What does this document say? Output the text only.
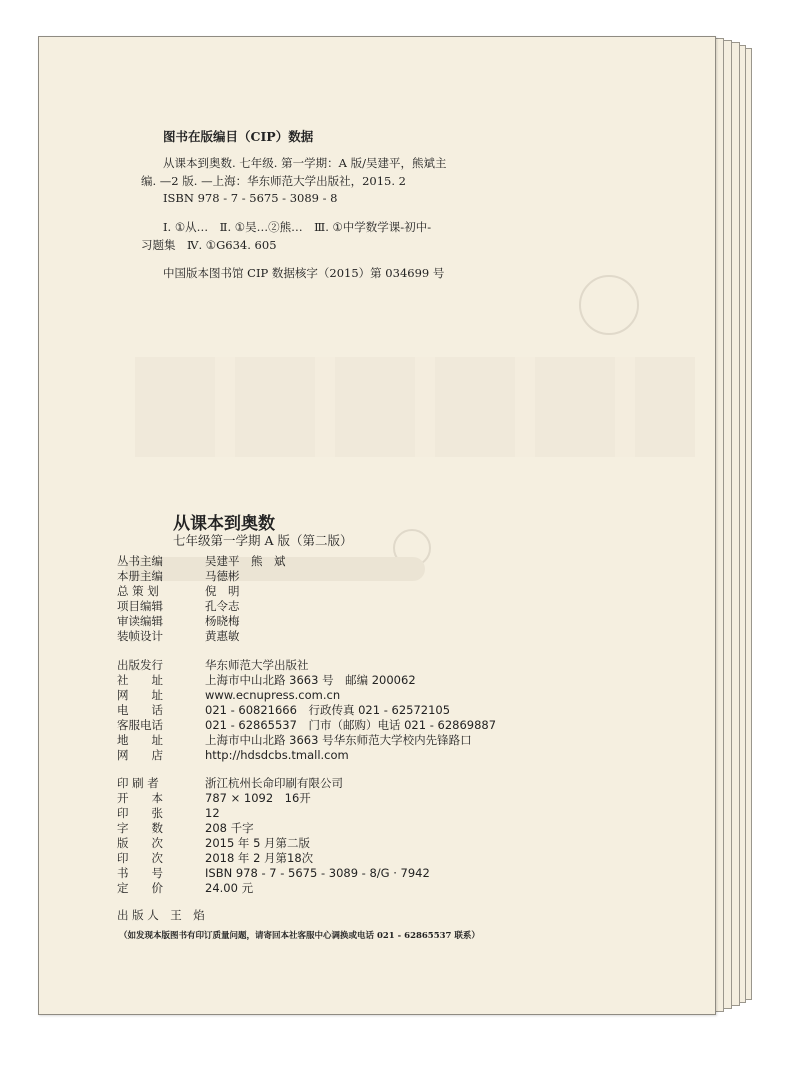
图书在版编目（CIP）数据
从课本到奥数. 七年级. 第一学期：A 版/吴建平，熊斌主
编. —2 版. —上海：华东师范大学出版社，2015. 2
ISBN 978 - 7 - 5675 - 3089 - 8
Ⅰ. ①从…　Ⅱ. ①吴…②熊…　Ⅲ. ①中学数学课-初中-
习题集　Ⅳ. ①G634. 605
中国版本图书馆 CIP 数据核字（2015）第 034699 号
从课本到奥数
七年级第一学期 A 版（第二版）
丛书主编	吴建平　熊　斌
本册主编	马德彬
总 策 划	倪　明
项目编辑	孔令志
审读编辑	杨晓梅
装帧设计	黄惠敏
出版发行	华东师范大学出版社
社　　址	上海市中山北路 3663 号　邮编 200062
网　　址	www.ecnupress.com.cn
电　　话	021 - 60821666　行政传真 021 - 62572105
客服电话	021 - 62865537　门市（邮购）电话 021 - 62869887
地　　址	上海市中山北路 3663 号华东师范大学校内先锋路口
网　　店	http://hdsdcbs.tmall.com
印 刷 者	浙江杭州长命印刷有限公司
开　　本	787 × 1092　16开
印　　张	12
字　　数	208 千字
版　　次	2015 年 5 月第二版
印　　次	2018 年 2 月第18次
书　　号	ISBN 978 - 7 - 5675 - 3089 - 8/G · 7942
定　　价	24.00 元
出 版 人　王　焰
（如发现本版图书有印订质量问题，请寄回本社客服中心调换或电话 021 - 62865537 联系）
